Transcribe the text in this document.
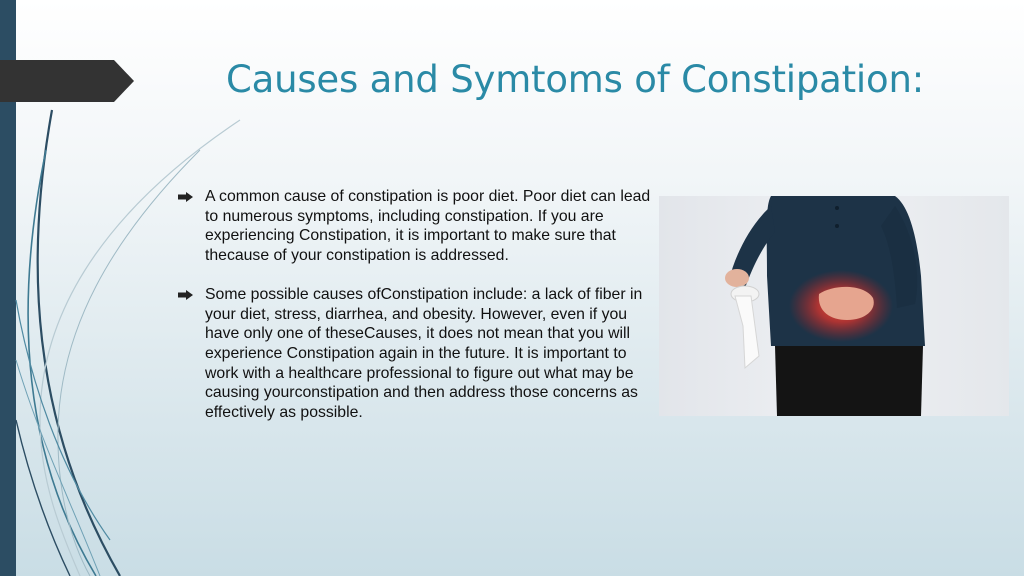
Causes and Symtoms of Constipation:
A common cause of constipation is poor diet. Poor diet can lead to numerous symptoms, including constipation. If you are experiencing Constipation, it is important to make sure that thecause of your constipation is addressed.
Some possible causes ofConstipation include: a lack of fiber in your diet, stress, diarrhea, and obesity. However, even if you have only one of theseCauses, it does not mean that you will experience Constipation again in the future. It is important to work with a healthcare professional to figure out what may be causing yourconstipation and then address those concerns as effectively as possible.
